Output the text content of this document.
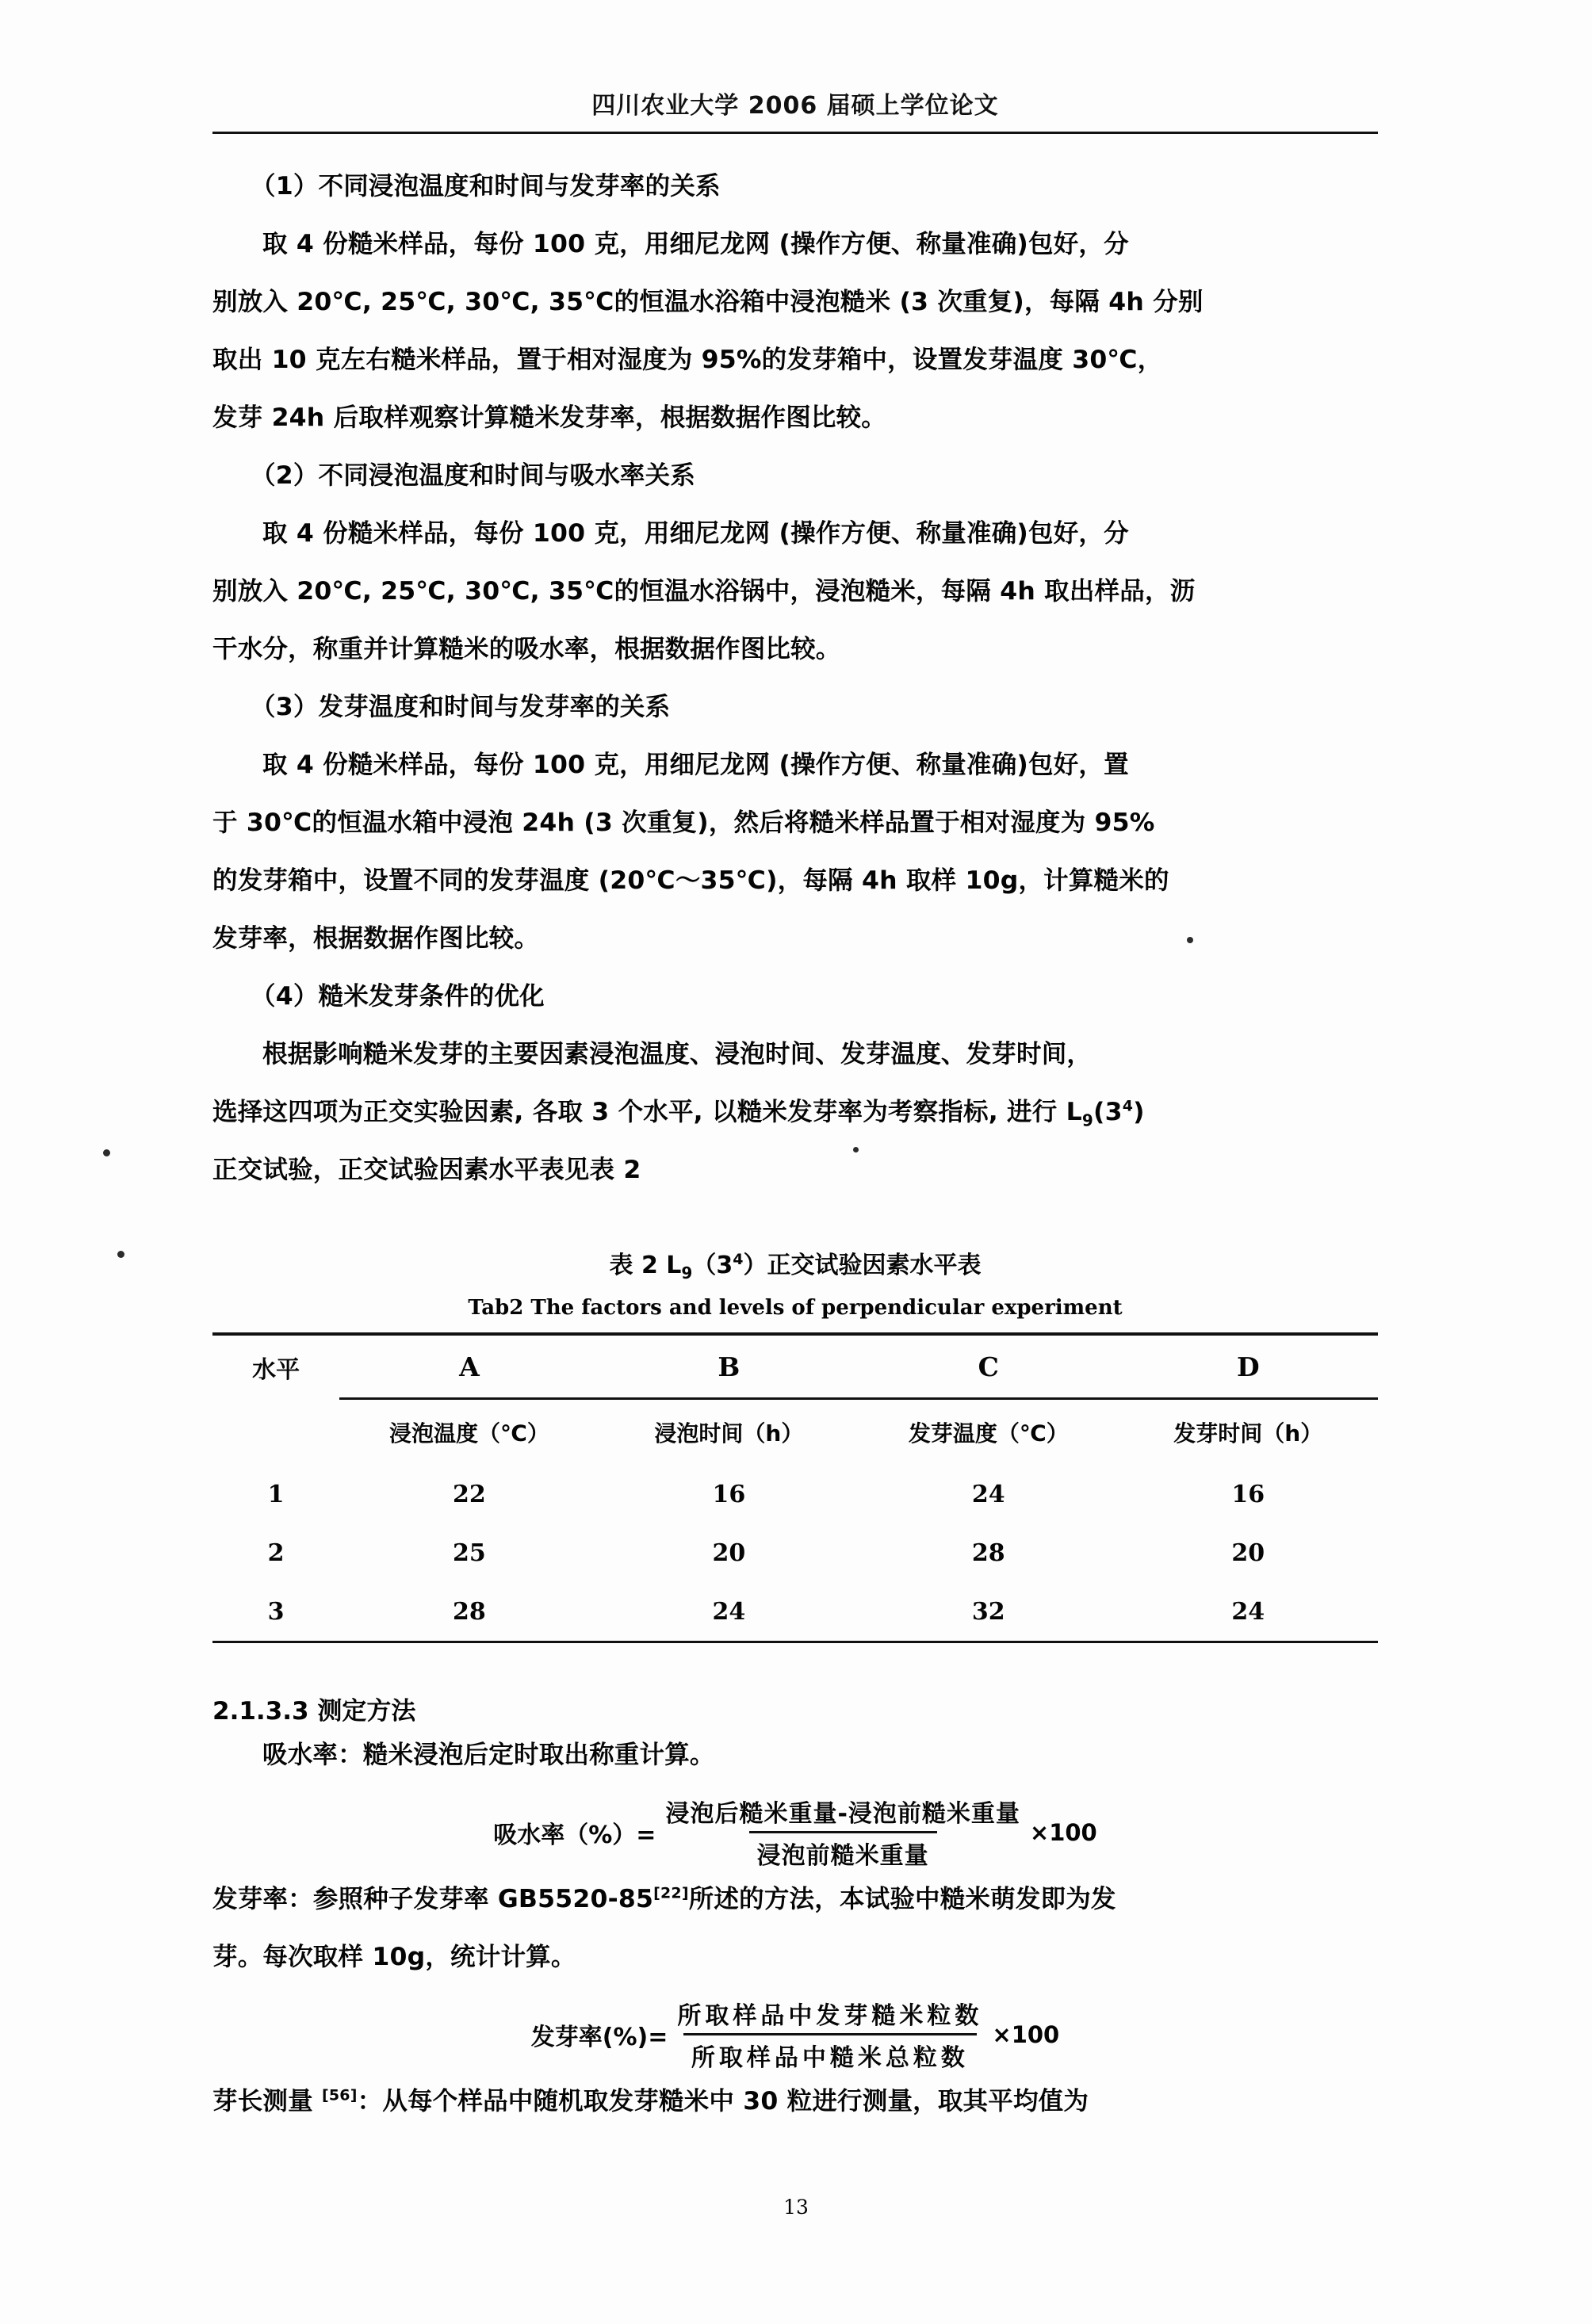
四川农业大学 2006 届硕上学位论文

（1）不同浸泡温度和时间与发芽率的关系

取 4 份糙米样品，每份 100 克，用细尼龙网 (操作方便、称量准确)包好，分

别放入 20℃, 25℃, 30℃, 35℃的恒温水浴箱中浸泡糙米 (3 次重复)，每隔 4h 分别

取出 10 克左右糙米样品，置于相对湿度为 95%的发芽箱中，设置发芽温度 30℃，

发芽 24h 后取样观察计算糙米发芽率，根据数据作图比较。

（2）不同浸泡温度和时间与吸水率关系

取 4 份糙米样品，每份 100 克，用细尼龙网 (操作方便、称量准确)包好，分

别放入 20℃, 25℃, 30℃, 35℃的恒温水浴锅中，浸泡糙米，每隔 4h 取出样品，沥

干水分，称重并计算糙米的吸水率，根据数据作图比较。

（3）发芽温度和时间与发芽率的关系

取 4 份糙米样品，每份 100 克，用细尼龙网 (操作方便、称量准确)包好，置

于 30℃的恒温水箱中浸泡 24h (3 次重复)，然后将糙米样品置于相对湿度为 95%

的发芽箱中，设置不同的发芽温度 (20℃～35℃)，每隔 4h 取样 10g，计算糙米的

发芽率，根据数据作图比较。

（4）糙米发芽条件的优化

根据影响糙米发芽的主要因素浸泡温度、浸泡时间、发芽温度、发芽时间，

选择这四项为正交实验因素, 各取 3 个水平, 以糙米发芽率为考察指标, 进行 $L_9(3^4)$

正交试验，正交试验因素水平表见表 2

表 2 $L_9(3^4)$正交试验因素水平表
Tab2 The factors and levels of perpendicular experiment
水平	A	B	C	D
	浸泡温度（℃）	浸泡时间（h）	发芽温度（℃）	发芽时间（h）
1	22	16	24	16
2	25	20	28	20
3	28	24	32	24
2.1.3.3 测定方法

吸水率：糙米浸泡后定时取出称重计算。

吸水率（%）= $\frac{\text{浸泡后糙米重量-浸泡前糙米重量}}{\text{浸泡前糙米重量}} \times 100$

发芽率：参照种子发芽率 GB5520-85[22]所述的方法，本试验中糙米萌发即为发

芽。每次取样 10g，统计计算。

发芽率(%)= $\frac{\text{所取样品中发芽糙米粒数}}{\text{所取样品中糙米总粒数}} \times 100$

芽长测量 [56]：从每个样品中随机取发芽糙米中 30 粒进行测量，取其平均值为

13
